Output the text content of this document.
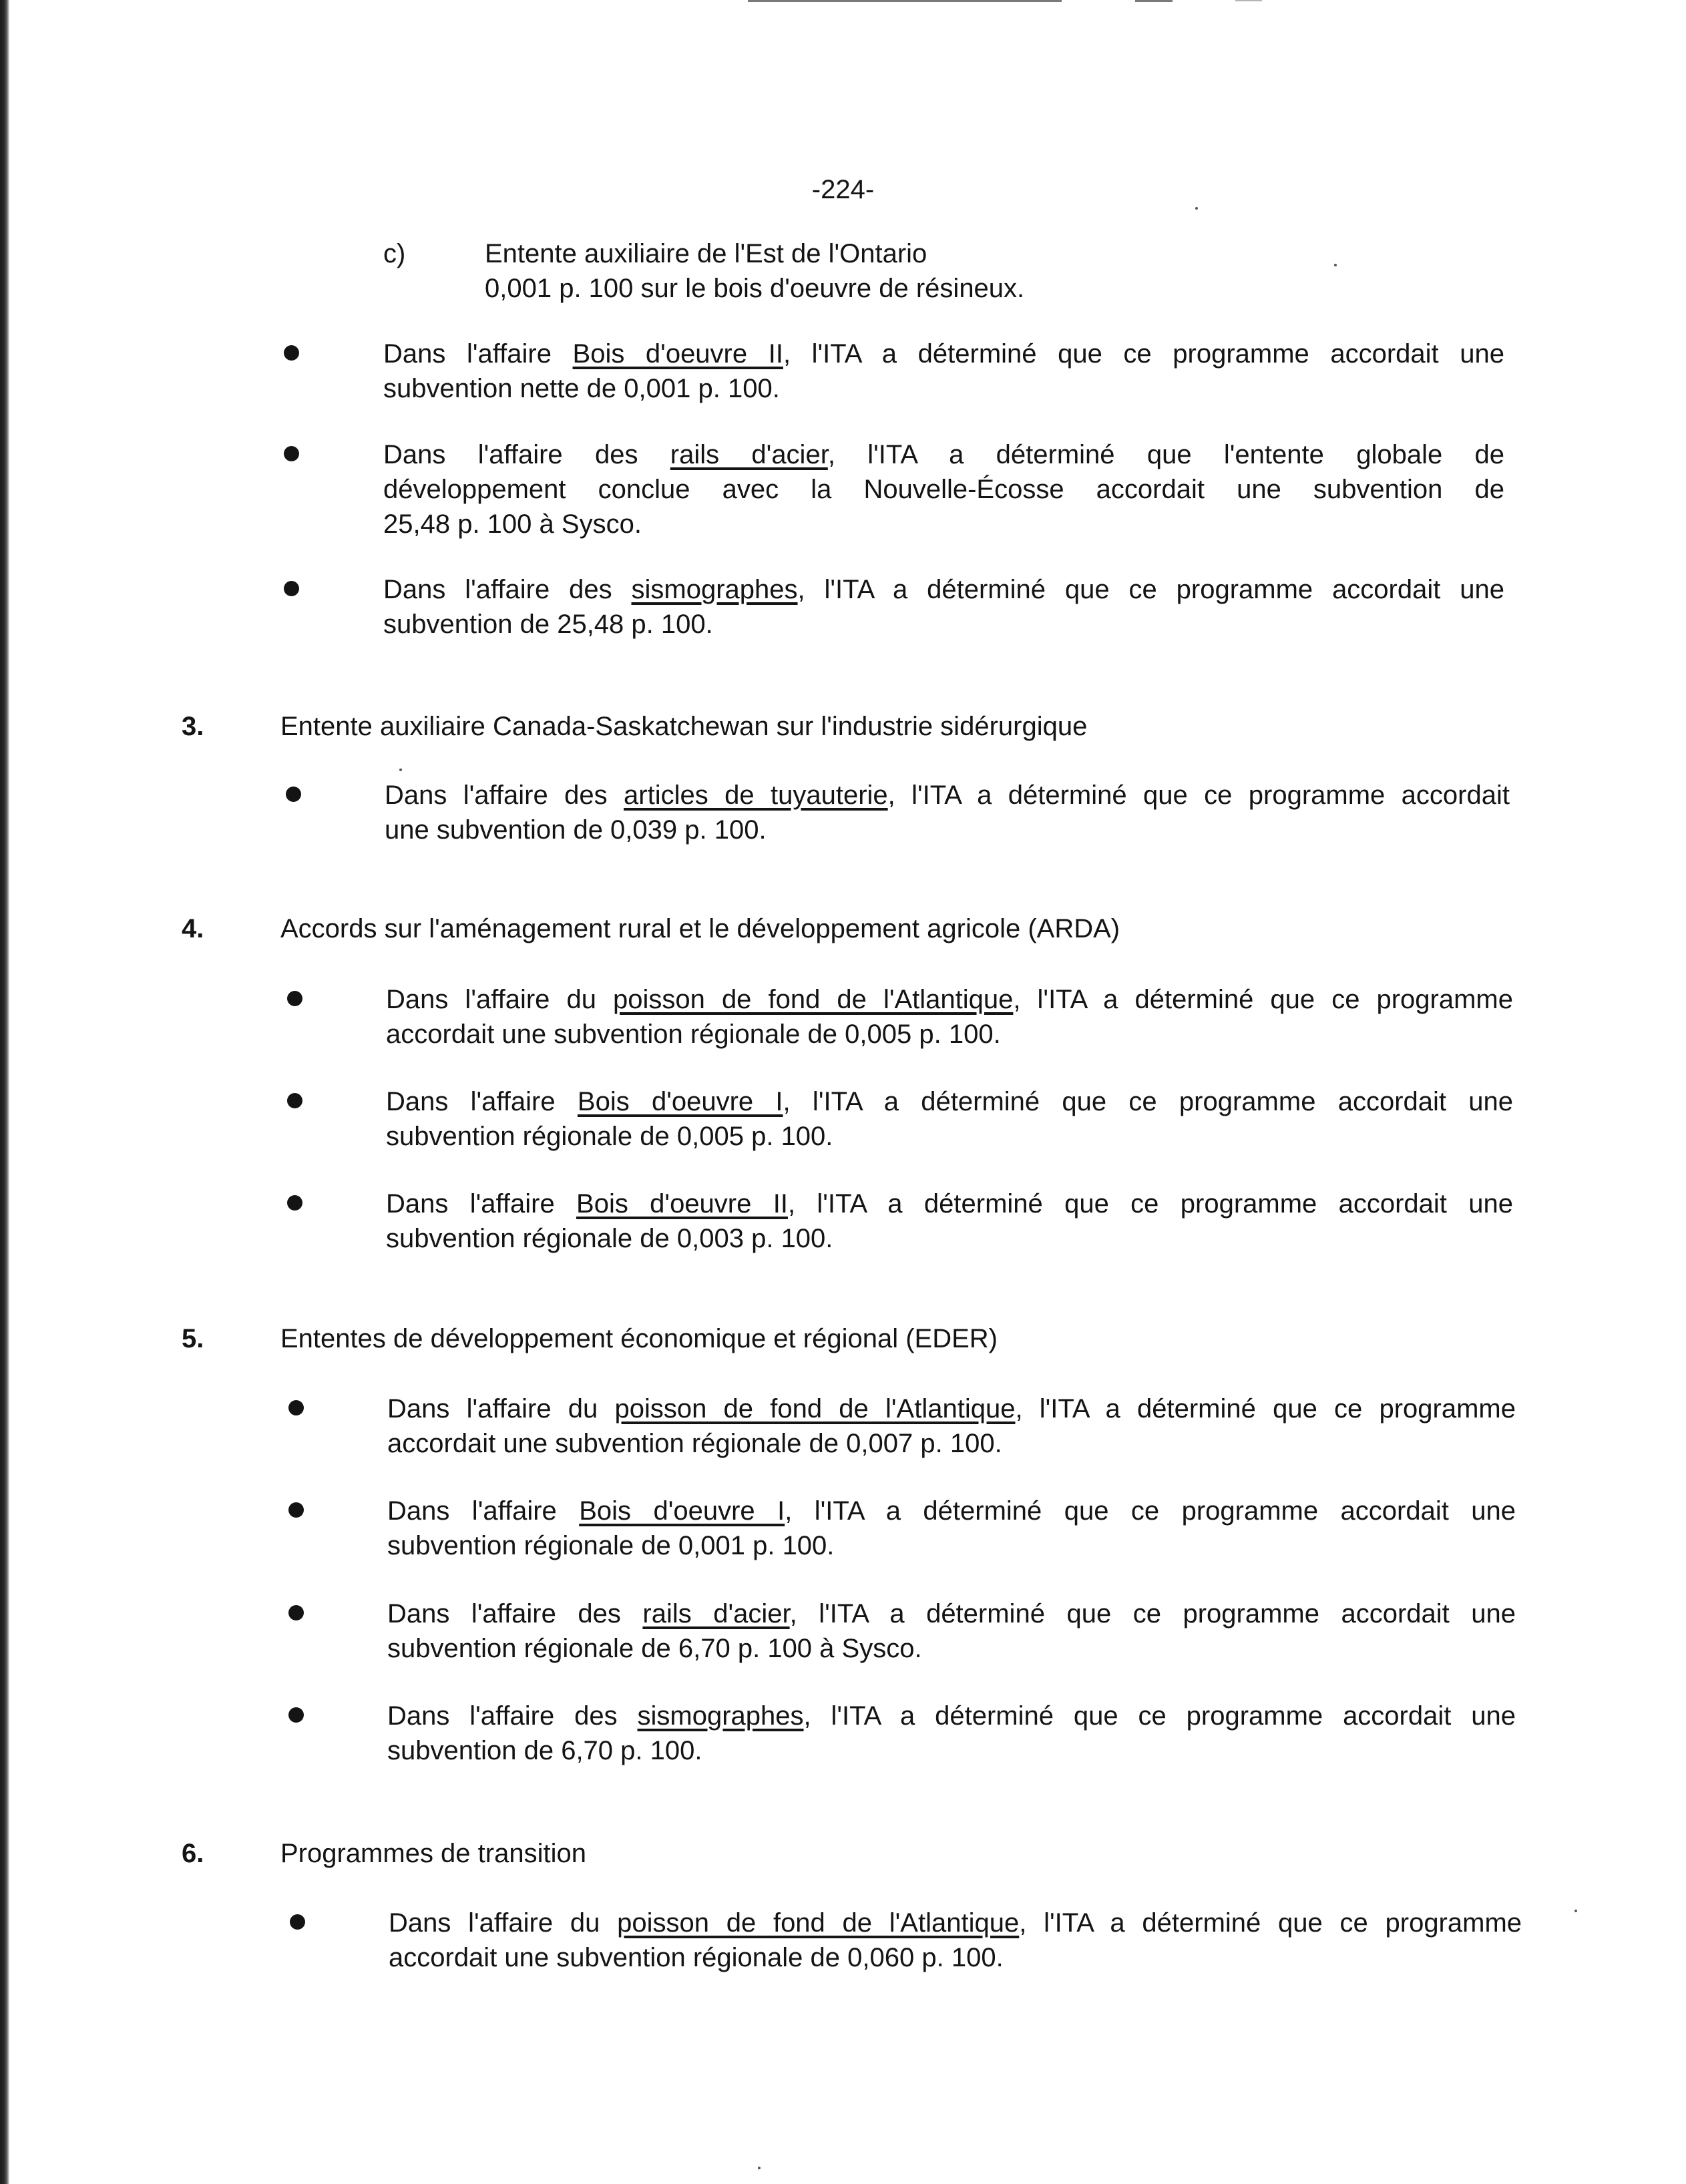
-224-
c)	Entente auxiliaire de l'Est de l'Ontario
0,001 p. 100 sur le bois d'oeuvre de résineux.
Dans l'affaire Bois d'oeuvre II, l'ITA a déterminé que ce programme accordait une
subvention nette de 0,001 p. 100.
Dans l'affaire des rails d'acier, l'ITA a déterminé que l'entente globale de
développement conclue avec la Nouvelle-Écosse accordait une subvention de
25,48 p. 100 à Sysco.
Dans l'affaire des sismographes, l'ITA a déterminé que ce programme accordait une
subvention de 25,48 p. 100.
3.	Entente auxiliaire Canada-Saskatchewan sur l'industrie sidérurgique
Dans l'affaire des articles de tuyauterie, l'ITA a déterminé que ce programme accordait
une subvention de 0,039 p. 100.
4.	Accords sur l'aménagement rural et le développement agricole (ARDA)
Dans l'affaire du poisson de fond de l'Atlantique, l'ITA a déterminé que ce programme
accordait une subvention régionale de 0,005 p. 100.
Dans l'affaire Bois d'oeuvre I, l'ITA a déterminé que ce programme accordait une
subvention régionale de 0,005 p. 100.
Dans l'affaire Bois d'oeuvre II, l'ITA a déterminé que ce programme accordait une
subvention régionale de 0,003 p. 100.
5.	Ententes de développement économique et régional (EDER)
Dans l'affaire du poisson de fond de l'Atlantique, l'ITA a déterminé que ce programme
accordait une subvention régionale de 0,007 p. 100.
Dans l'affaire Bois d'oeuvre I, l'ITA a déterminé que ce programme accordait une
subvention régionale de 0,001 p. 100.
Dans l'affaire des rails d'acier, l'ITA a déterminé que ce programme accordait une
subvention régionale de 6,70 p. 100 à Sysco.
Dans l'affaire des sismographes, l'ITA a déterminé que ce programme accordait une
subvention de 6,70 p. 100.
6.	Programmes de transition
Dans l'affaire du poisson de fond de l'Atlantique, l'ITA a déterminé que ce programme
accordait une subvention régionale de 0,060 p. 100.
